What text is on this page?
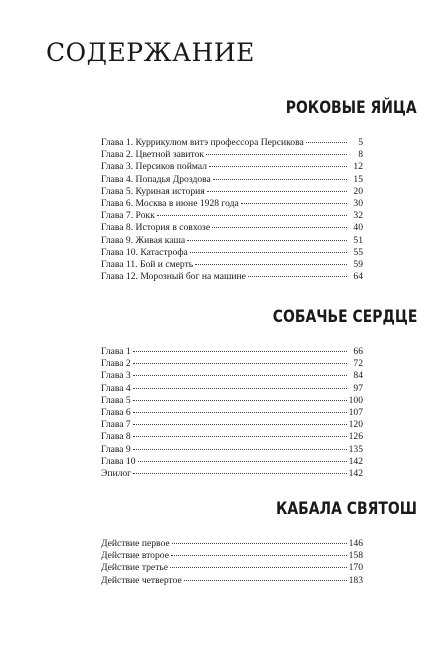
СОДЕРЖАНИЕ
РОКОВЫЕ ЯЙЦА
Глава 1. Куррикулюм витэ профессора Персикова	5
Глава 2. Цветной завиток	8
Глава 3. Персиков поймал	12
Глава 4. Попадья Дроздова	15
Глава 5. Куриная история	20
Глава 6. Москва в июне 1928 года	30
Глава 7. Рокк	32
Глава 8. История в совхозе	40
Глава 9. Живая каша	51
Глава 10. Катастрофа	55
Глава 11. Бой и смерть	59
Глава 12. Морозный бог на машине	64
СОБАЧЬЕ СЕРДЦЕ
Глава 1	66
Глава 2	72
Глава 3	84
Глава 4	97
Глава 5	100
Глава 6	107
Глава 7	120
Глава 8	126
Глава 9	135
Глава 10	142
Эпилог	142
КАБАЛА СВЯТОШ
Действие первое	146
Действие второе	158
Действие третье	170
Действие четвертое	183
